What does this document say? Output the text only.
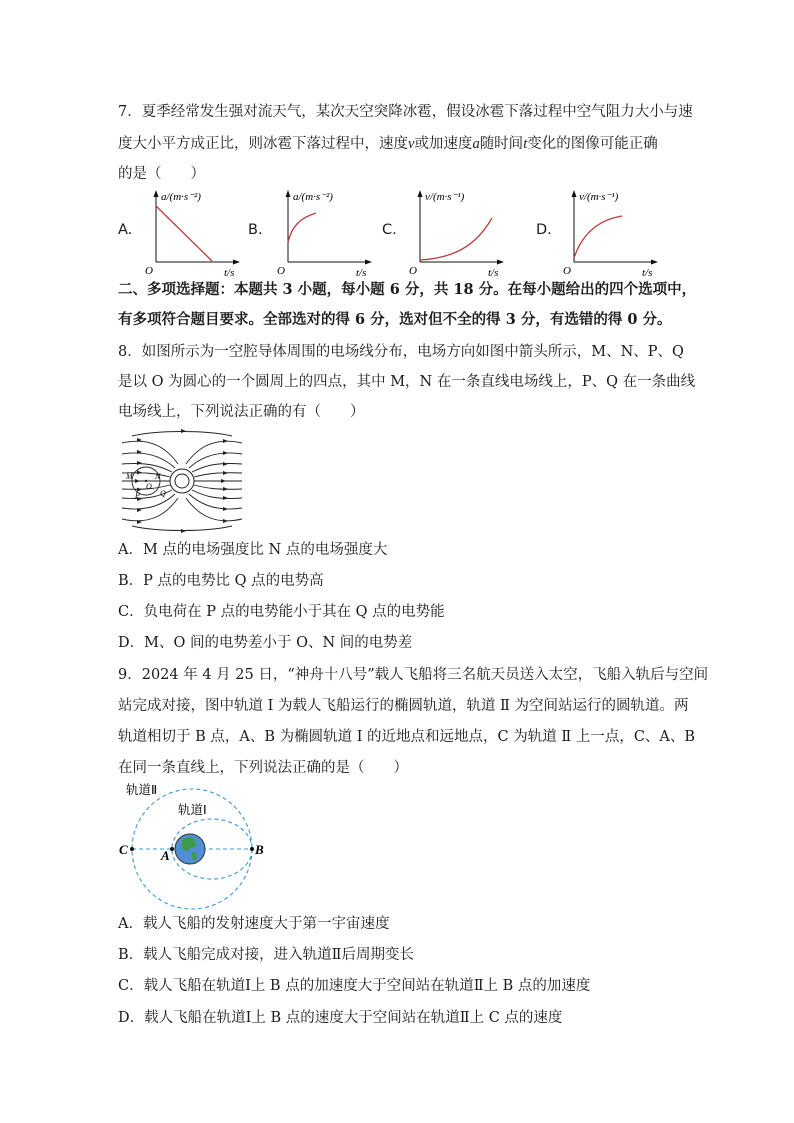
7．夏季经常发生强对流天气，某次天空突降冰雹，假设冰雹下落过程中空气阻力大小与速
度大小平方成正比，则冰雹下落过程中，速度v或加速度a随时间t变化的图像可能正确
的是（　　）
A.
a/(m·s⁻²)
t/s
O
B.
a/(m·s⁻²)
t/s
O
C.
v/(m·s⁻¹)
t/s
O
D.
v/(m·s⁻¹)
t/s
O
二、多项选择题：本题共 3 小题，每小题 6 分，共 18 分。在每小题给出的四个选项中，
有多项符合题目要求。全部选对的得 6 分，选对但不全的得 3 分，有选错的得 0 分。
8．如图所示为一空腔导体周围的电场线分布，电场方向如图中箭头所示，M、N、P、Q
是以 O 为圆心的一个圆周上的四点，其中 M，N 在一条直线电场线上，P、Q 在一条曲线
电场线上，下列说法正确的有（　　）
M	N
O
P	Q
A．M 点的电场强度比 N 点的电场强度大
B．P 点的电势比 Q 点的电势高
C．负电荷在 P 点的电势能小于其在 Q 点的电势能
D．M、O 间的电势差小于 O、N 间的电势差
9．2024 年 4 月 25 日，“神舟十八号”载人飞船将三名航天员送入太空，飞船入轨后与空间
站完成对接，图中轨道 Ⅰ 为载人飞船运行的椭圆轨道，轨道 Ⅱ 为空间站运行的圆轨道。两
轨道相切于 B 点，A、B 为椭圆轨道 Ⅰ 的近地点和远地点，C 为轨道 Ⅱ 上一点，C、A、B
在同一条直线上，下列说法正确的是（　　）
轨道Ⅱ
轨道Ⅰ
C	A	B
A．载人飞船的发射速度大于第一宇宙速度
B．载人飞船完成对接，进入轨道Ⅱ后周期变长
C．载人飞船在轨道Ⅰ上 B 点的加速度大于空间站在轨道Ⅱ上 B 点的加速度
D．载人飞船在轨道Ⅰ上 B 点的速度大于空间站在轨道Ⅱ上 C 点的速度
